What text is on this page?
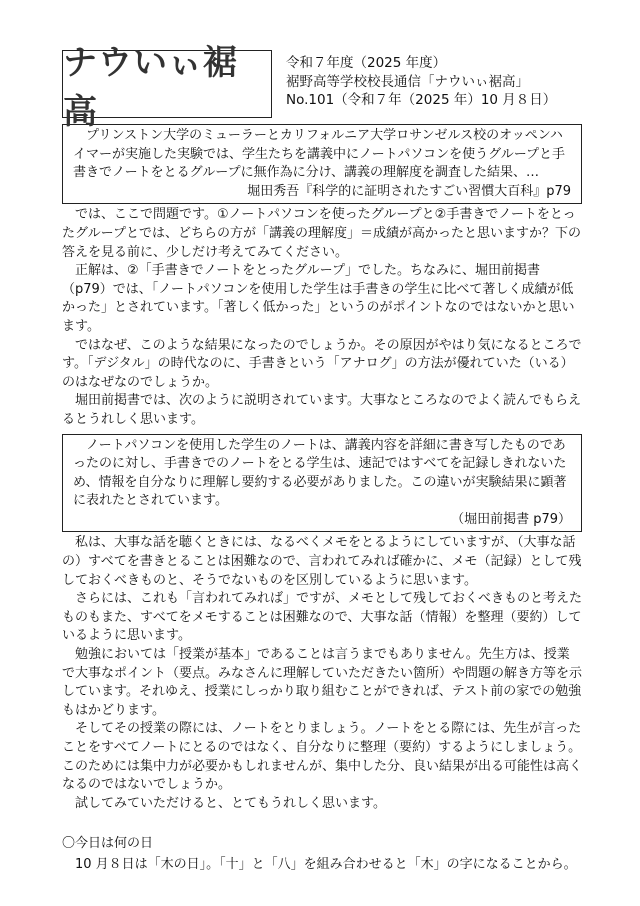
ナウいぃ裾高
令和７年度（2025 年度）
裾野高等学校校長通信「ナウいぃ裾高」
No.101（令和７年（2025 年）10 月８日）

プリンストン大学のミューラーとカリフォルニア大学ロサンゼルス校のオッペンハイマーが実施した実験では、学生たちを講義中にノートパソコンを使うグループと手書きでノートをとるグループに無作為に分け、講義の理解度を調査した結果、…

堀田秀吾『科学的に証明されたすごい習慣大百科』p79

では、ここで問題です。①ノートパソコンを使ったグループと②手書きでノートをとったグループとでは、どちらの方が「講義の理解度」＝成績が高かったと思いますか？下の答えを見る前に、少しだけ考えてみてください。

正解は、②「手書きでノートをとったグループ」でした。ちなみに、堀田前掲書（p79）では、「ノートパソコンを使用した学生は手書きの学生に比べて著しく成績が低かった」とされています。「著しく低かった」というのがポイントなのではないかと思います。

ではなぜ、このような結果になったのでしょうか。その原因がやはり気になるところです。「デジタル」の時代なのに、手書きという「アナログ」の方法が優れていた（いる）のはなぜなのでしょうか。

堀田前掲書では、次のように説明されています。大事なところなのでよく読んでもらえるとうれしく思います。

ノートパソコンを使用した学生のノートは、講義内容を詳細に書き写したものであったのに対し、手書きでのノートをとる学生は、速記ではすべてを記録しきれないため、情報を自分なりに理解し要約する必要がありました。この違いが実験結果に顕著に表れたとされています。

（堀田前掲書 p79）

私は、大事な話を聴くときには、なるべくメモをとるようにしていますが、（大事な話の）すべてを書きとることは困難なので、言われてみれば確かに、メモ（記録）として残しておくべきものと、そうでないものを区別しているように思います。

さらには、これも「言われてみれば」ですが、メモとして残しておくべきものと考えたものもまた、すべてをメモすることは困難なので、大事な話（情報）を整理（要約）しているように思います。

勉強においては「授業が基本」であることは言うまでもありません。先生方は、授業で大事なポイント（要点。みなさんに理解していただきたい箇所）や問題の解き方等を示しています。それゆえ、授業にしっかり取り組むことができれば、テスト前の家での勉強もはかどります。

そしてその授業の際には、ノートをとりましょう。ノートをとる際には、先生が言ったことをすべてノートにとるのではなく、自分なりに整理（要約）するようにしましょう。このためには集中力が必要かもしれませんが、集中した分、良い結果が出る可能性は高くなるのではないでしょうか。

試してみていただけると、とてもうれしく思います。

〇今日は何の日

10 月８日は「木の日」。「十」と「八」を組み合わせると「木」の字になることから。
